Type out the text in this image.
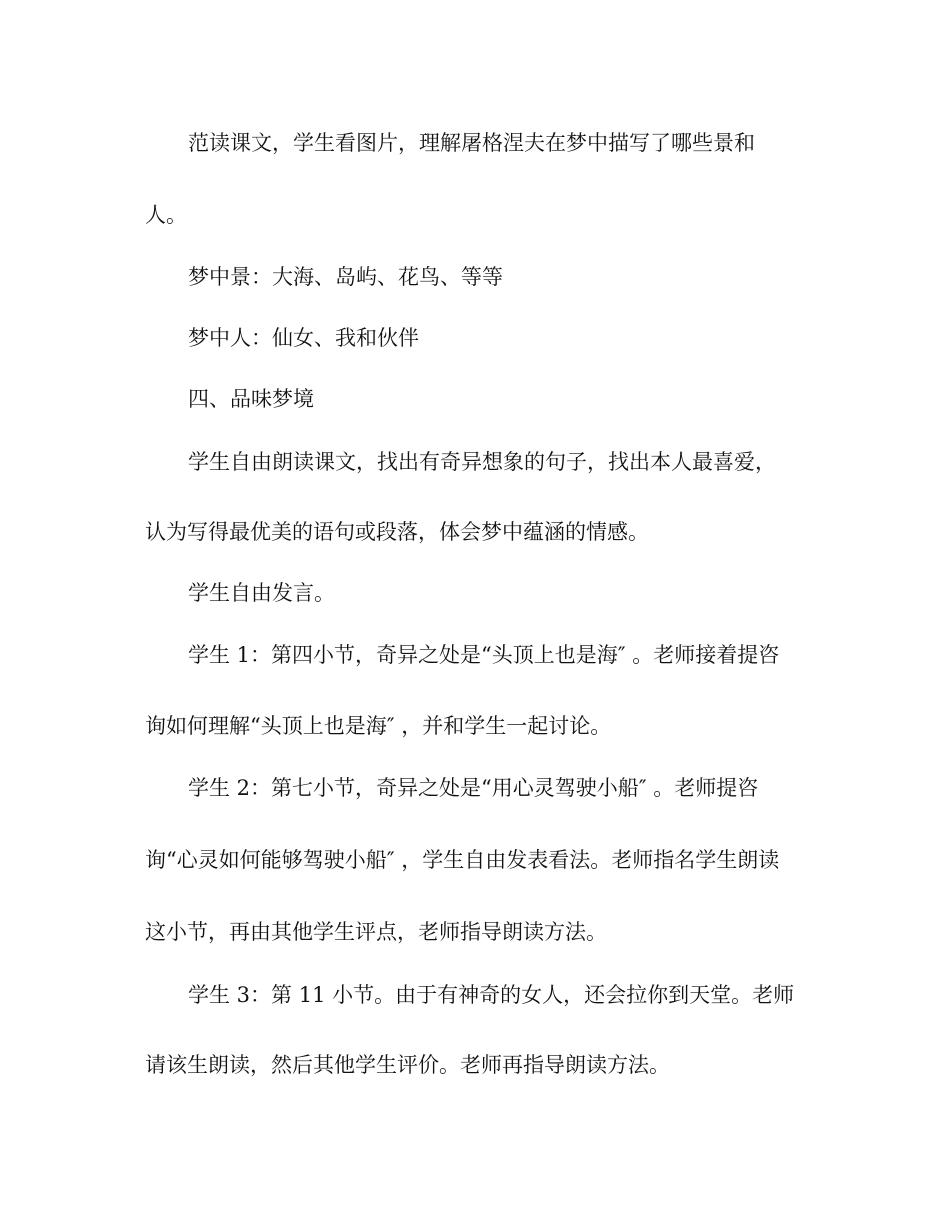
范读课文，学生看图片，理解屠格涅夫在梦中描写了哪些景和
人。
梦中景：大海、岛屿、花鸟、等等
梦中人：仙女、我和伙伴
四、品味梦境
学生自由朗读课文，找出有奇异想象的句子，找出本人最喜爱，
认为写得最优美的语句或段落，体会梦中蕴涵的情感。
学生自由发言。
学生 1：第四小节，奇异之处是“头顶上也是海″ 。老师接着提咨
询如何理解“头顶上也是海″ ，并和学生一起讨论。
学生 2：第七小节，奇异之处是“用心灵驾驶小船″ 。老师提咨
询“心灵如何能够驾驶小船″ ，学生自由发表看法。老师指名学生朗读
这小节，再由其他学生评点，老师指导朗读方法。
学生 3：第 11 小节。由于有神奇的女人，还会拉你到天堂。老师
请该生朗读，然后其他学生评价。老师再指导朗读方法。
